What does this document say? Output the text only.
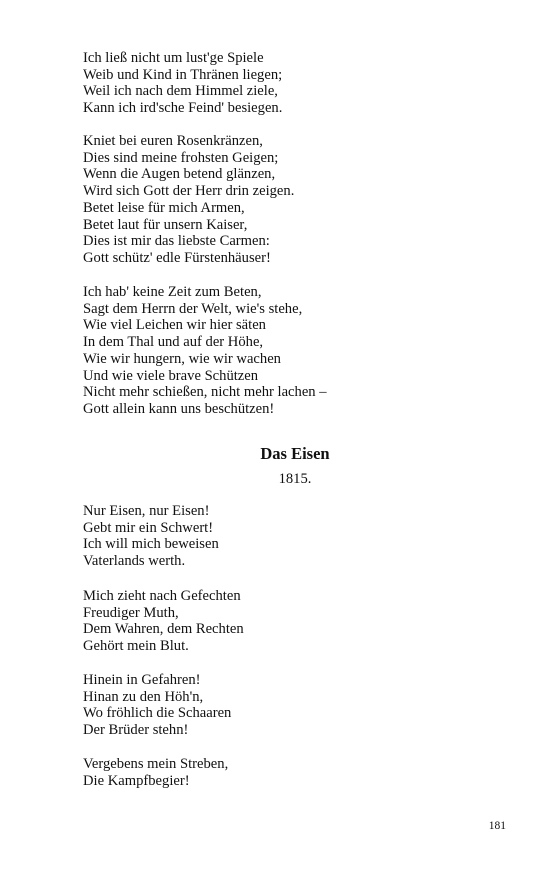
Ich ließ nicht um lust'ge Spiele
Weib und Kind in Thränen liegen;
Weil ich nach dem Himmel ziele,
Kann ich ird'sche Feind' besiegen.
Kniet bei euren Rosenkränzen,
Dies sind meine frohsten Geigen;
Wenn die Augen betend glänzen,
Wird sich Gott der Herr drin zeigen.
Betet leise für mich Armen,
Betet laut für unsern Kaiser,
Dies ist mir das liebste Carmen:
Gott schütz' edle Fürstenhäuser!
Ich hab' keine Zeit zum Beten,
Sagt dem Herrn der Welt, wie's stehe,
Wie viel Leichen wir hier säten
In dem Thal und auf der Höhe,
Wie wir hungern, wie wir wachen
Und wie viele brave Schützen
Nicht mehr schießen, nicht mehr lachen –
Gott allein kann uns beschützen!
Das Eisen
1815.
Nur Eisen, nur Eisen!
Gebt mir ein Schwert!
Ich will mich beweisen
Vaterlands werth.
Mich zieht nach Gefechten
Freudiger Muth,
Dem Wahren, dem Rechten
Gehört mein Blut.
Hinein in Gefahren!
Hinan zu den Höh'n,
Wo fröhlich die Schaaren
Der Brüder stehn!
Vergebens mein Streben,
Die Kampfbegier!
181
